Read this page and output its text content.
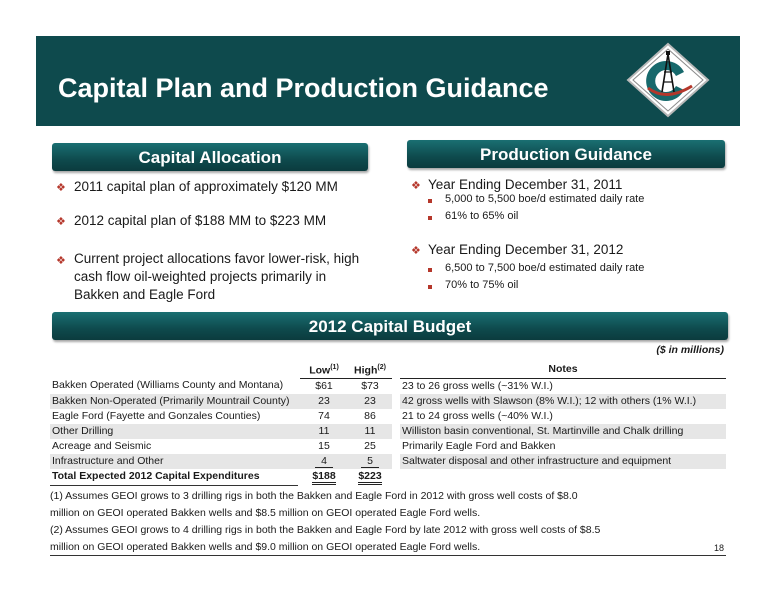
Capital Plan and Production Guidance
Capital Allocation
❖ 2011 capital plan of approximately $120 MM
❖ 2012 capital plan of $188 MM to $223 MM
❖ Current project allocations favor lower-risk, high
cash flow oil-weighted projects primarily in
Bakken and Eagle Ford
Production Guidance
❖ Year Ending December 31, 2011
5,000 to 5,500 boe/d estimated daily rate
61% to 65% oil
❖ Year Ending December 31, 2012
6,500 to 7,500 boe/d estimated daily rate
70% to 75% oil
2012 Capital Budget
($ in millions)
	Low$^{(1)}$	High$^{(2)}$	Notes
Bakken Operated (Williams County and Montana)	$61	$73	23 to 26 gross wells (~31% W.I.)
Bakken Non-Operated (Primarily Mountrail County)	23	23	42 gross wells with Slawson (8% W.I.); 12 with others (1% W.I.)
Eagle Ford (Fayette and Gonzales Counties)	74	86	21 to 24 gross wells (~40% W.I.)
Other Drilling	11	11	Williston basin conventional, St. Martinville and Chalk drilling
Acreage and Seismic	15	25	Primarily Eagle Ford and Bakken
Infrastructure and Other	4	5	Saltwater disposal and other infrastructure and equipment
Total Expected 2012 Capital Expenditures	$188	$223	
(1) Assumes GEOI grows to 3 drilling rigs in both the Bakken and Eagle Ford in 2012 with gross well costs of $8.0
million on GEOI operated Bakken wells and $8.5 million on GEOI operated Eagle Ford wells.
(2) Assumes GEOI grows to 4 drilling rigs in both the Bakken and Eagle Ford by late 2012 with gross well costs of $8.5
million on GEOI operated Bakken wells and $9.0 million on GEOI operated Eagle Ford wells.	18
